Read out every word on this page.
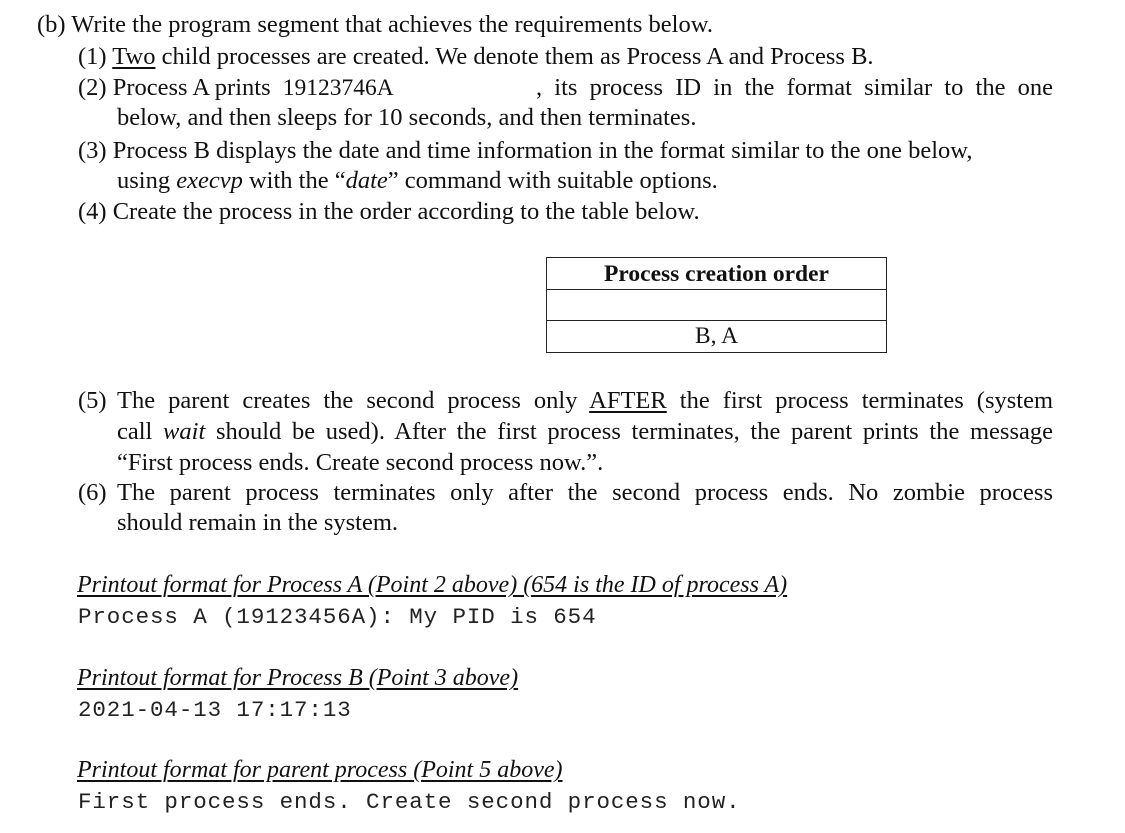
(b) Write the program segment that achieves the requirements below.
(1) Two child processes are created. We denote them as Process A and Process B.
(2) Process A prints 19123746A	, its process ID in the format similar to the one
below, and then sleeps for 10 seconds, and then terminates.
(3) Process B displays the date and time information in the format similar to the one below,
using execvp with the “date” command with suitable options.
(4) Create the process in the order according to the table below.
Process creation order
B, A
(5) The parent creates the second process only AFTER the first process terminates (system
call wait should be used). After the first process terminates, the parent prints the message
“First process ends. Create second process now.”.
(6) The parent process terminates only after the second process ends. No zombie process
should remain in the system.
Printout format for Process A (Point 2 above) (654 is the ID of process A)
Process A (19123456A): My PID is 654
Printout format for Process B (Point 3 above)
2021-04-13 17:17:13
Printout format for parent process (Point 5 above)
First process ends. Create second process now.
